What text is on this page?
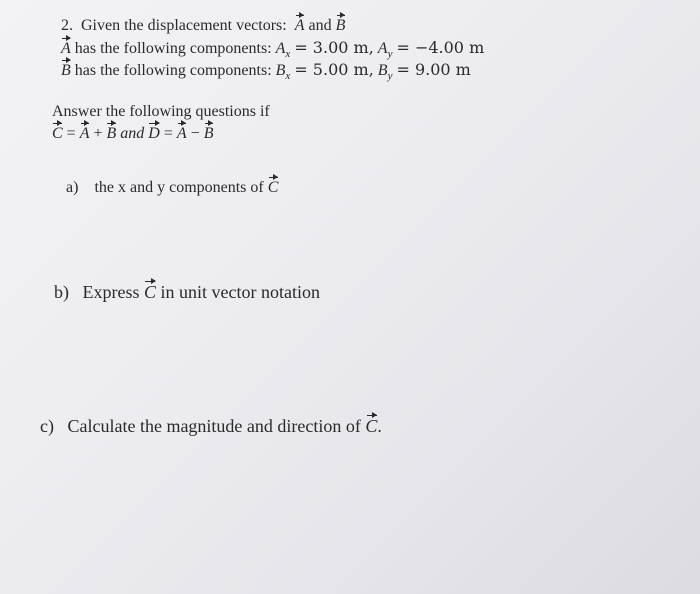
2. Given the displacement vectors: A and B
A has the following components: $A_x = 3.00$ m, $A_y = -4.00$ m
B has the following components: $B_x = 5.00$ m, $B_y = 9.00$ m
Answer the following questions if
C = A + B and D = A − B
a) the x and y components of C
b) Express C in unit vector notation
c) Calculate the magnitude and direction of C.
